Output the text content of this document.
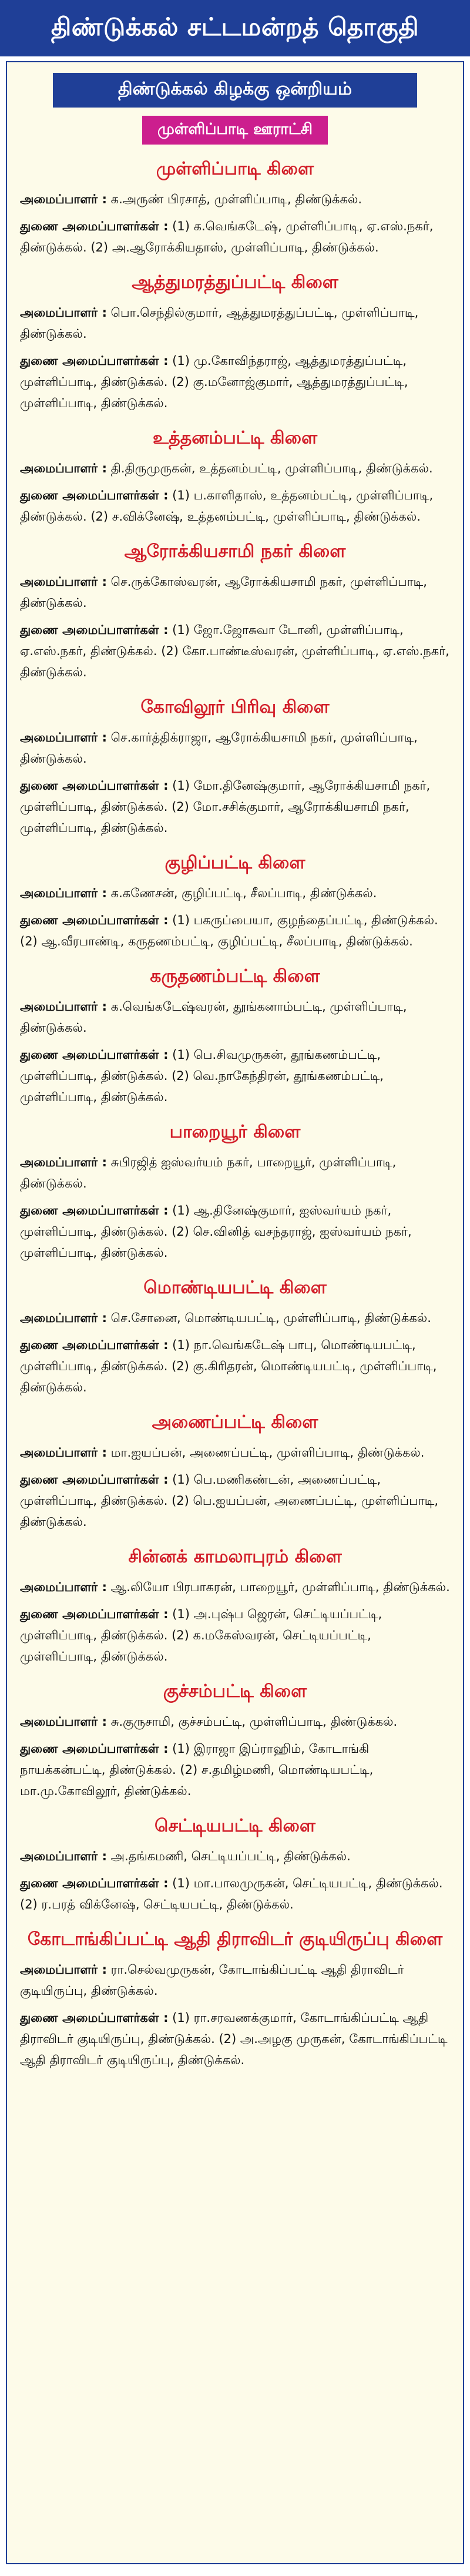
திண்டுக்கல் சட்டமன்றத் தொகுதி
திண்டுக்கல் கிழக்கு ஒன்றியம்
முள்ளிப்பாடி ஊராட்சி
முள்ளிப்பாடி கிளை

அமைப்பாளர் : க.அருண் பிரசாத், முள்ளிப்பாடி, திண்டுக்கல்.

துணை அமைப்பாளர்கள் : (1) க.வெங்கடேஷ், முள்ளிப்பாடி, ஏ.எஸ்.நகர், திண்டுக்கல். (2) அ.ஆரோக்கியதாஸ், முள்ளிப்பாடி, திண்டுக்கல்.

ஆத்துமரத்துப்பட்டி கிளை

அமைப்பாளர் : பொ.செந்தில்குமார், ஆத்துமரத்துப்பட்டி, முள்ளிப்பாடி, திண்டுக்கல்.

துணை அமைப்பாளர்கள் : (1) மு.கோவிந்தராஜ், ஆத்துமரத்துப்பட்டி, முள்ளிப்பாடி, திண்டுக்கல். (2) கு.மனோஜ்குமார், ஆத்துமரத்துப்பட்டி, முள்ளிப்பாடி, திண்டுக்கல்.

உத்தனம்பட்டி கிளை

அமைப்பாளர் : தி.திருமுருகன், உத்தனம்பட்டி, முள்ளிப்பாடி, திண்டுக்கல்.

துணை அமைப்பாளர்கள் : (1) ப.காளிதாஸ், உத்தனம்பட்டி, முள்ளிப்பாடி, திண்டுக்கல். (2) ச.விக்னேஷ், உத்தனம்பட்டி, முள்ளிப்பாடி, திண்டுக்கல்.

ஆரோக்கியசாமி நகர் கிளை

அமைப்பாளர் : செ.ருக்கோஸ்வரன், ஆரோக்கியசாமி நகர், முள்ளிப்பாடி, திண்டுக்கல்.

துணை அமைப்பாளர்கள் : (1) ஜோ.ஜோசுவா டோனி, முள்ளிப்பாடி, ஏ.எஸ்.நகர், திண்டுக்கல். (2) கோ.பாண்டீஸ்வரன், முள்ளிப்பாடி, ஏ.எஸ்.நகர், திண்டுக்கல்.

கோவிலூர் பிரிவு கிளை

அமைப்பாளர் : செ.கார்த்திக்ராஜா, ஆரோக்கியசாமி நகர், முள்ளிப்பாடி, திண்டுக்கல்.

துணை அமைப்பாளர்கள் : (1) மோ.தினேஷ்குமார், ஆரோக்கியசாமி நகர், முள்ளிப்பாடி, திண்டுக்கல். (2) மோ.சசிக்குமார், ஆரோக்கியசாமி நகர், முள்ளிப்பாடி, திண்டுக்கல்.

குழிப்பட்டி கிளை

அமைப்பாளர் : க.கணேசன், குழிப்பட்டி, சீலப்பாடி, திண்டுக்கல்.

துணை அமைப்பாளர்கள் : (1) பகருப்பையா, குழந்தைப்பட்டி, திண்டுக்கல். (2) ஆ.வீரபாண்டி, கருதணம்பட்டி, குழிப்பட்டி, சீலப்பாடி, திண்டுக்கல்.

கருதணம்பட்டி கிளை

அமைப்பாளர் : க.வெங்கடேஷ்வரன், தூங்கனாம்பட்டி, முள்ளிப்பாடி, திண்டுக்கல்.

துணை அமைப்பாளர்கள் : (1) பெ.சிவமுருகன், தூங்கணம்பட்டி, முள்ளிப்பாடி, திண்டுக்கல். (2) வெ.நாகேந்திரன், தூங்கணம்பட்டி, முள்ளிப்பாடி, திண்டுக்கல்.

பாறையூர் கிளை

அமைப்பாளர் : சுபிரஜித் ஐஸ்வர்யம் நகர், பாறையூர், முள்ளிப்பாடி, திண்டுக்கல்.

துணை அமைப்பாளர்கள் : (1) ஆ.தினேஷ்குமார், ஐஸ்வர்யம் நகர், முள்ளிப்பாடி, திண்டுக்கல். (2) செ.வினித் வசந்தராஜ், ஐஸ்வர்யம் நகர், முள்ளிப்பாடி, திண்டுக்கல்.

மொண்டியபட்டி கிளை

அமைப்பாளர் : செ.சோனை, மொண்டியபட்டி, முள்ளிப்பாடி, திண்டுக்கல்.

துணை அமைப்பாளர்கள் : (1) நா.வெங்கடேஷ் பாபு, மொண்டியபட்டி, முள்ளிப்பாடி, திண்டுக்கல். (2) கு.கிரிதரன், மொண்டியபட்டி, முள்ளிப்பாடி, திண்டுக்கல்.

அணைப்பட்டி கிளை

அமைப்பாளர் : மா.ஐயப்பன், அணைப்பட்டி, முள்ளிப்பாடி, திண்டுக்கல்.

துணை அமைப்பாளர்கள் : (1) பெ.மணிகண்டன், அணைப்பட்டி, முள்ளிப்பாடி, திண்டுக்கல். (2) பெ.ஐயப்பன், அணைப்பட்டி, முள்ளிப்பாடி, திண்டுக்கல்.

சின்னக் காமலாபுரம் கிளை

அமைப்பாளர் : ஆ.லியோ பிரபாகரன், பாறையூர், முள்ளிப்பாடி, திண்டுக்கல்.

துணை அமைப்பாளர்கள் : (1) அ.புஷ்ப ஜெரன், செட்டியப்பட்டி, முள்ளிப்பாடி, திண்டுக்கல். (2) க.மகேஸ்வரன், செட்டியப்பட்டி, முள்ளிப்பாடி, திண்டுக்கல்.

குச்சம்பட்டி கிளை

அமைப்பாளர் : சு.குருசாமி, குச்சம்பட்டி, முள்ளிப்பாடி, திண்டுக்கல்.

துணை அமைப்பாளர்கள் : (1) இராஜா இப்ராஹிம், கோடாங்கி நாயக்கன்பட்டி, திண்டுக்கல். (2) ச.தமிழ்மணி, மொண்டியபட்டி, மா.மு.கோவிலூர், திண்டுக்கல்.

செட்டியபட்டி கிளை

அமைப்பாளர் : அ.தங்கமணி, செட்டியப்பட்டி, திண்டுக்கல்.

துணை அமைப்பாளர்கள் : (1) மா.பாலமுருகன், செட்டியபட்டி, திண்டுக்கல். (2) ர.பரத் விக்னேஷ், செட்டியபட்டி, திண்டுக்கல்.

கோடாங்கிப்பட்டி ஆதி திராவிடர் குடியிருப்பு கிளை

அமைப்பாளர் : ரா.செல்வமுருகன், கோடாங்கிப்பட்டி ஆதி திராவிடர் குடியிருப்பு, திண்டுக்கல்.

துணை அமைப்பாளர்கள் : (1) ரா.சரவணக்குமார், கோடாங்கிப்பட்டி ஆதி திராவிடர் குடியிருப்பு, திண்டுக்கல். (2) அ.அழகு முருகன், கோடாங்கிப்பட்டி ஆதி திராவிடர் குடியிருப்பு, திண்டுக்கல்.
